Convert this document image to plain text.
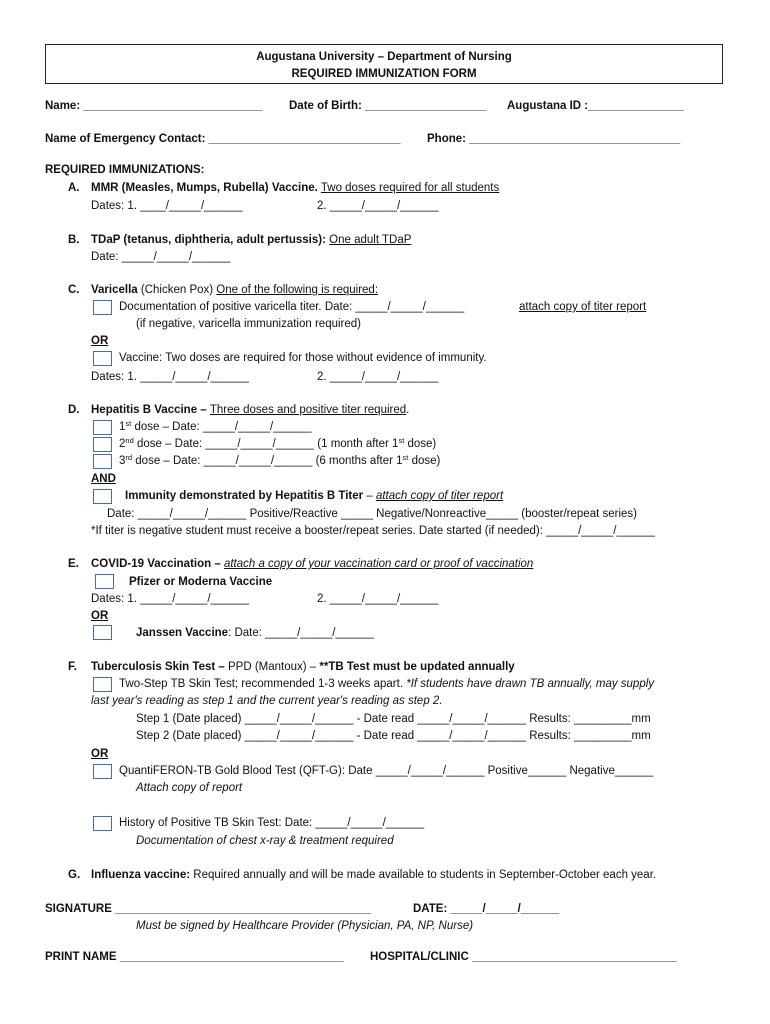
Augustana University – Department of Nursing
REQUIRED IMMUNIZATION FORM
Name: ____________________________ Date of Birth: ___________________ Augustana ID :_______________
Name of Emergency Contact: ______________________________ Phone: _________________________________
REQUIRED IMMUNIZATIONS:
A. MMR (Measles, Mumps, Rubella) Vaccine. Two doses required for all students
Dates: 1. ____/_____/______	2. _____/_____/______
B. TDaP (tetanus, diphtheria, adult pertussis): One adult TDaP
Date: _____/_____/______
C. Varicella (Chicken Pox) One of the following is required:
Documentation of positive varicella titer. Date: _____/_____/______	attach copy of titer report
(if negative, varicella immunization required)
OR
Vaccine: Two doses are required for those without evidence of immunity.
Dates: 1. _____/_____/______	2. _____/_____/______
D. Hepatitis B Vaccine – Three doses and positive titer required.
1st dose – Date: _____/_____/______
2nd dose – Date: _____/_____/______ (1 month after 1st dose)
3rd dose – Date: _____/_____/______ (6 months after 1st dose)
AND
Immunity demonstrated by Hepatitis B Titer – attach copy of titer report
Date: _____/_____/______ Positive/Reactive _____ Negative/Nonreactive_____ (booster/repeat series)
*If titer is negative student must receive a booster/repeat series. Date started (if needed): _____/_____/______
E. COVID-19 Vaccination – attach a copy of your vaccination card or proof of vaccination
Pfizer or Moderna Vaccine
Dates: 1. _____/_____/______	2. _____/_____/______
OR
Janssen Vaccine: Date: _____/_____/______
F. Tuberculosis Skin Test – PPD (Mantoux) – **TB Test must be updated annually
Two-Step TB Skin Test; recommended 1-3 weeks apart. *If students have drawn TB annually, may supply
last year's reading as step 1 and the current year's reading as step 2.
Step 1 (Date placed) _____/_____/______ - Date read _____/_____/______ Results: _________mm
Step 2 (Date placed) _____/_____/______ - Date read _____/_____/______ Results: _________mm
OR
QuantiFERON-TB Gold Blood Test (QFT-G): Date _____/_____/______ Positive______ Negative______
Attach copy of report
History of Positive TB Skin Test: Date: _____/_____/______
Documentation of chest x-ray & treatment required
G. Influenza vaccine: Required annually and will be made available to students in September-October each year.
SIGNATURE ________________________________________	DATE: _____/_____/______
Must be signed by Healthcare Provider (Physician, PA, NP, Nurse)
PRINT NAME ___________________________________ HOSPITAL/CLINIC ________________________________
